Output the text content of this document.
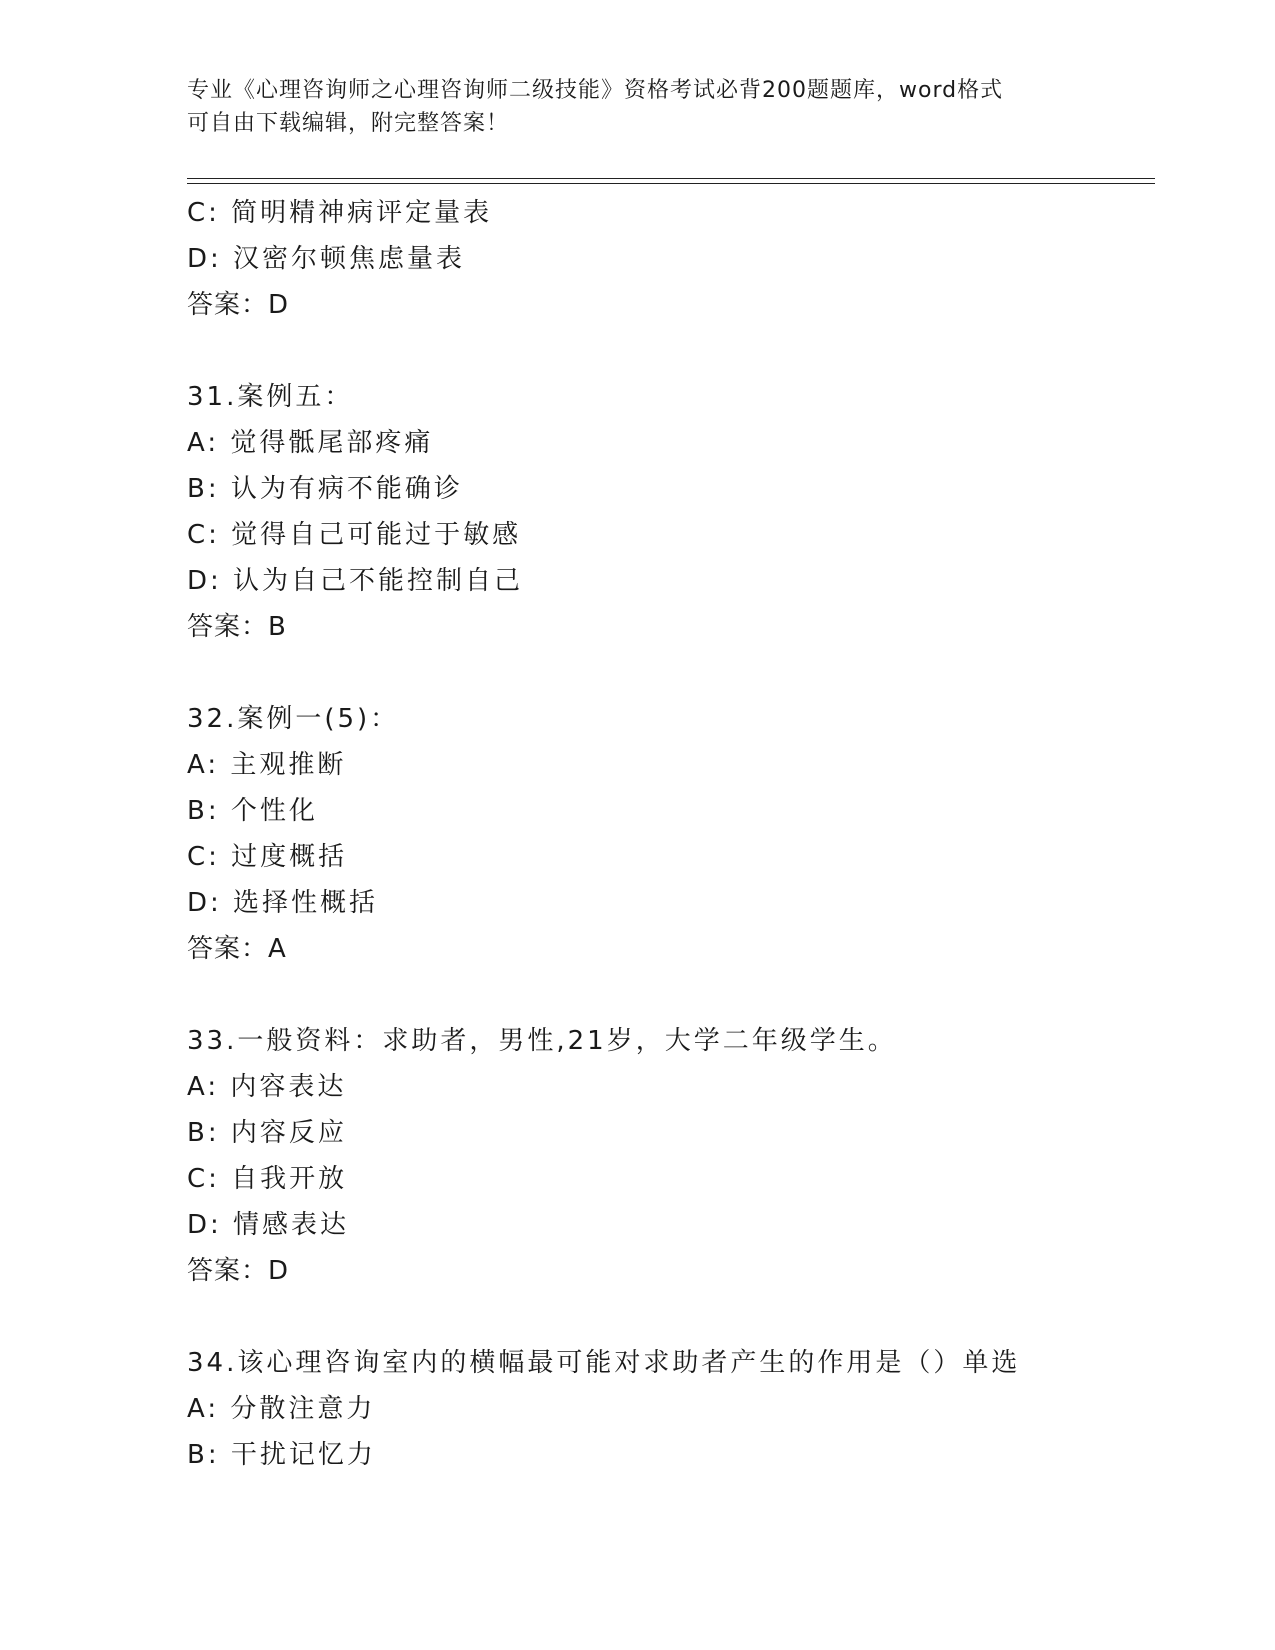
专业《心理咨询师之心理咨询师二级技能》资格考试必背200题题库，word格式
可自由下载编辑，附完整答案！
C: 简明精神病评定量表
D: 汉密尔顿焦虑量表
答案：D
31.案例五：
A: 觉得骶尾部疼痛
B: 认为有病不能确诊
C: 觉得自己可能过于敏感
D: 认为自己不能控制自己
答案：B
32.案例一(5)：
A: 主观推断
B: 个性化
C: 过度概括
D: 选择性概括
答案：A
33.一般资料：求助者，男性,21岁，大学二年级学生。
A: 内容表达
B: 内容反应
C: 自我开放
D: 情感表达
答案：D
34.该心理咨询室内的横幅最可能对求助者产生的作用是（）单选
A: 分散注意力
B: 干扰记忆力
